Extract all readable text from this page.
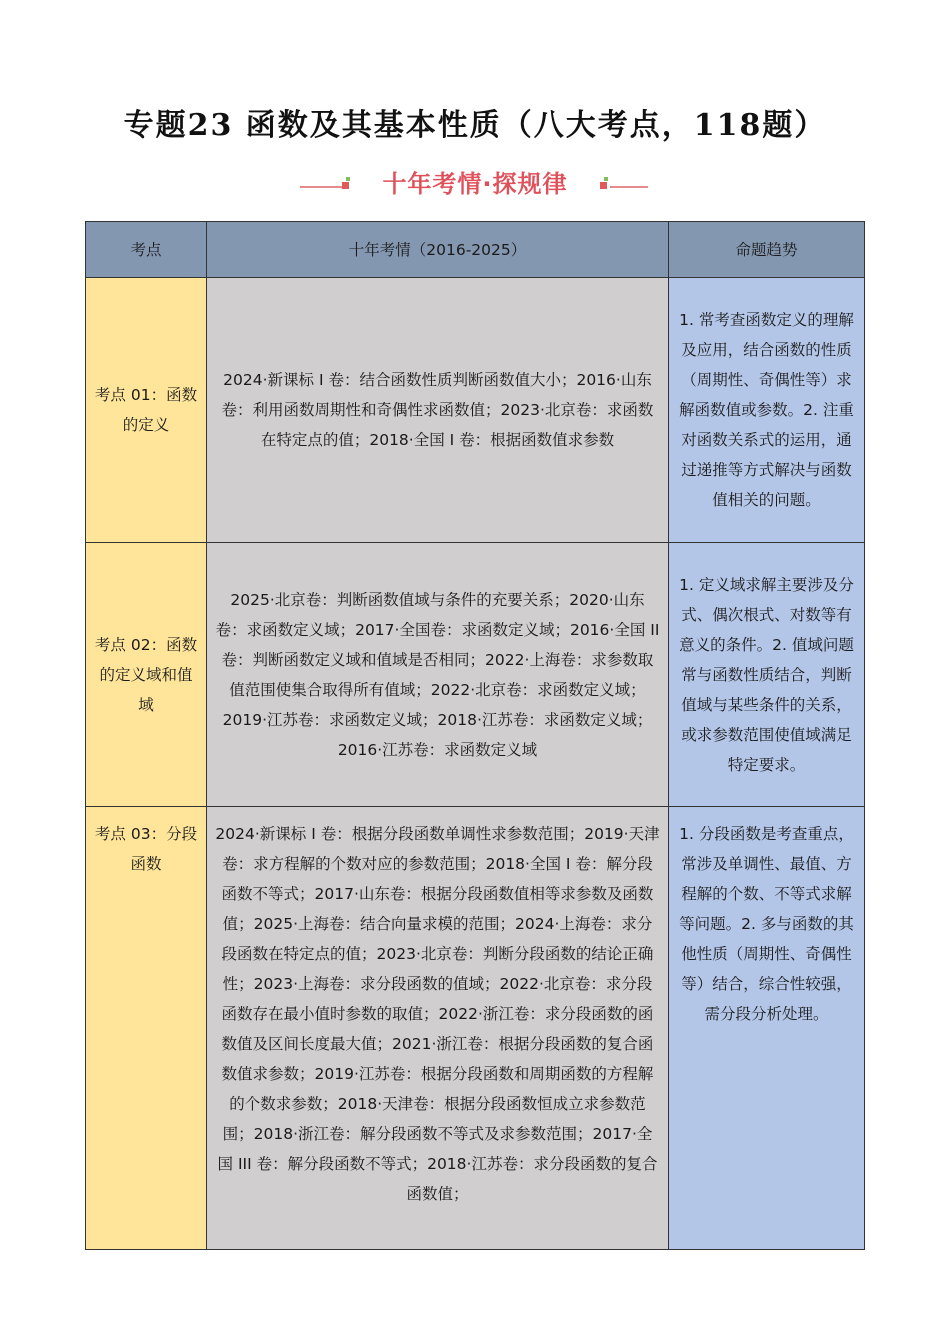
专题23 函数及其基本性质（八大考点，118题）
十年考情·探规律
考点	十年考情（2016-2025）	命题趋势
考点 01：函数的定义	2024·新课标 I 卷：结合函数性质判断函数值大小；2016·山东卷：利用函数周期性和奇偶性求函数值；2023·北京卷：求函数在特定点的值；2018·全国 I 卷：根据函数值求参数	1. 常考查函数定义的理解及应用，结合函数的性质（周期性、奇偶性等）求解函数值或参数。2. 注重对函数关系式的运用，通过递推等方式解决与函数值相关的问题。
考点 02：函数的定义域和值域	2025·北京卷：判断函数值域与条件的充要关系；2020·山东卷：求函数定义域；2017·全国卷：求函数定义域；2016·全国 II 卷：判断函数定义域和值域是否相同；2022·上海卷：求参数取值范围使集合取得所有值域；2022·北京卷：求函数定义域；2019·江苏卷：求函数定义域；2018·江苏卷：求函数定义域；2016·江苏卷：求函数定义域	1. 定义域求解主要涉及分式、偶次根式、对数等有意义的条件。2. 值域问题常与函数性质结合，判断值域与某些条件的关系，或求参数范围使值域满足特定要求。
考点 03：分段函数	2024·新课标 I 卷：根据分段函数单调性求参数范围；2019·天津卷：求方程解的个数对应的参数范围；2018·全国 I 卷：解分段函数不等式；2017·山东卷：根据分段函数值相等求参数及函数值；2025·上海卷：结合向量求模的范围；2024·上海卷：求分段函数在特定点的值；2023·北京卷：判断分段函数的结论正确性；2023·上海卷：求分段函数的值域；2022·北京卷：求分段函数存在最小值时参数的取值；2022·浙江卷：求分段函数的函数值及区间长度最大值；2021·浙江卷：根据分段函数的复合函数值求参数；2019·江苏卷：根据分段函数和周期函数的方程解的个数求参数；2018·天津卷：根据分段函数恒成立求参数范围；2018·浙江卷：解分段函数不等式及求参数范围；2017·全国 III 卷：解分段函数不等式；2018·江苏卷：求分段函数的复合函数值；	1. 分段函数是考查重点，常涉及单调性、最值、方程解的个数、不等式求解等问题。2. 多与函数的其他性质（周期性、奇偶性等）结合，综合性较强，需分段分析处理。
